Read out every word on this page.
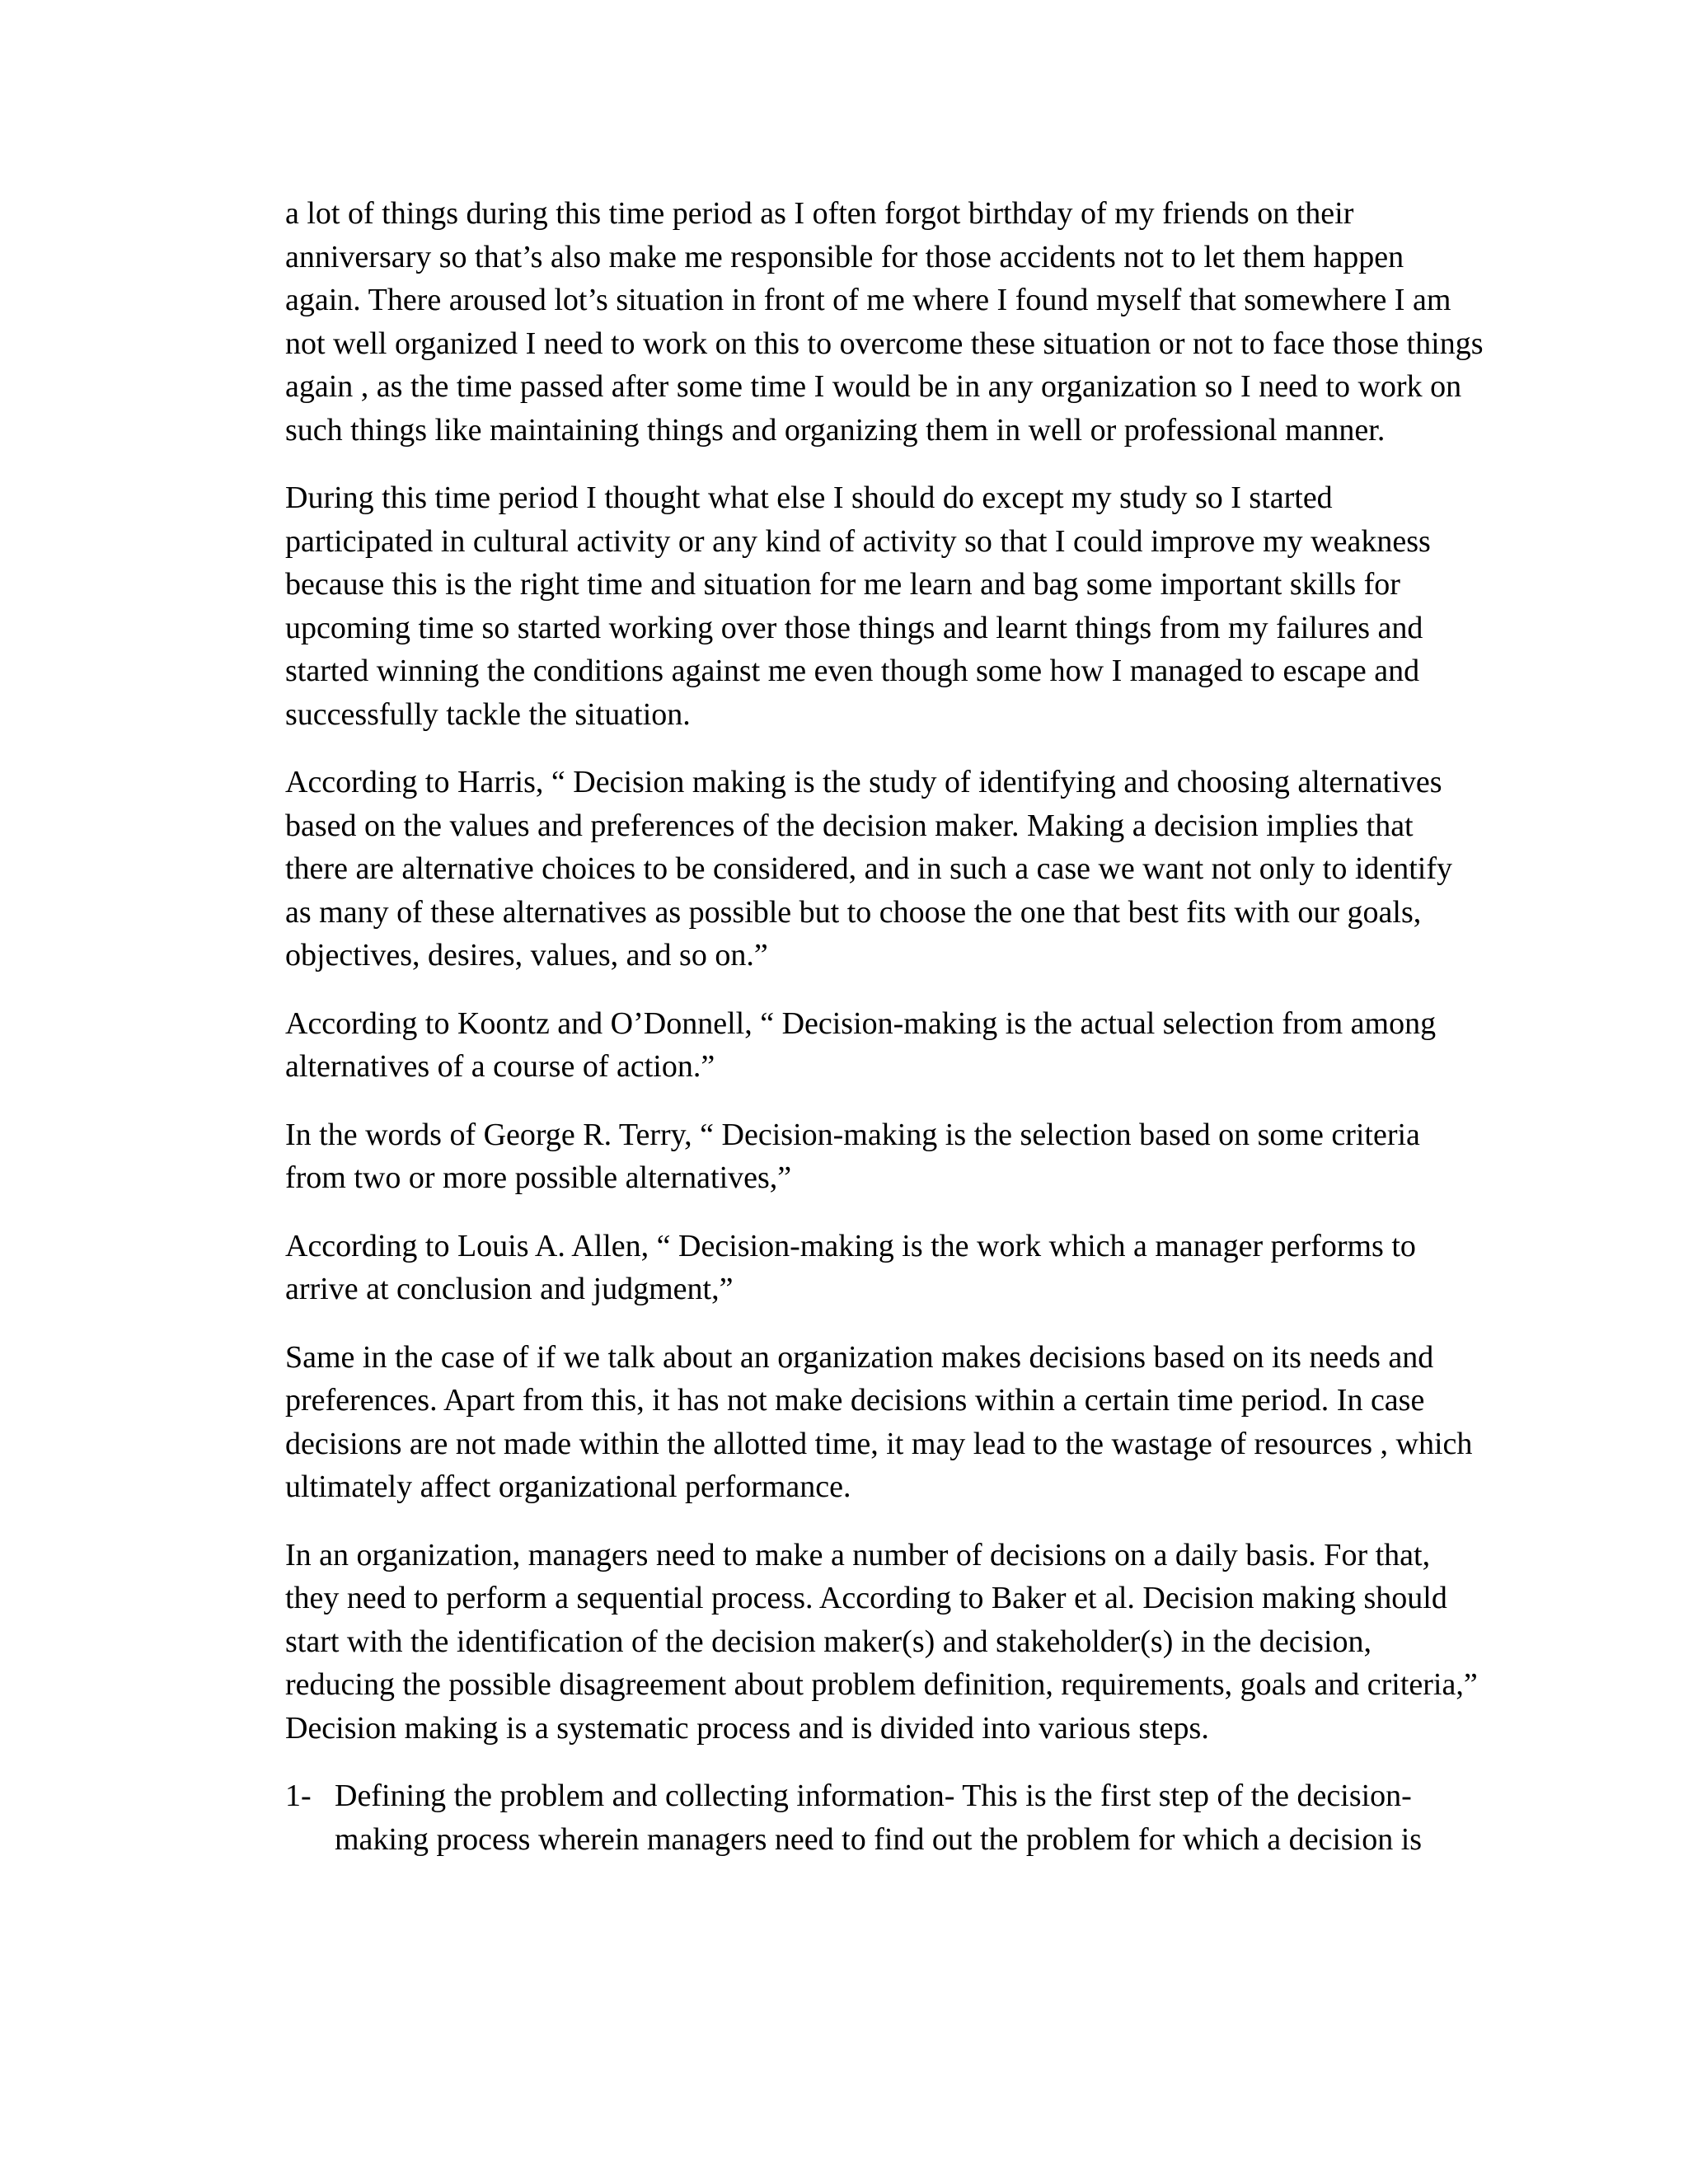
a lot of things during this time period as I often forgot birthday of my friends on their anniversary so that’s also make me responsible for those accidents not to let them happen again. There aroused lot’s situation in front of me where I found myself that somewhere I am not well organized I need to work on this to overcome these situation or not to face those things again , as the time passed after some time I would be in any organization so I need to work on such things like maintaining things and organizing them in well or professional manner.

During this time period I thought what else I should do except my study so I started participated in cultural activity or any kind of activity so that I could improve my weakness because this is the right time and situation for me learn and bag some important skills for upcoming time so started working over those things and learnt things from my failures and started winning the conditions against me even though some how I managed to escape and successfully tackle the situation.

According to Harris, “ Decision making is the study of identifying and choosing alternatives based on the values and preferences of the decision maker. Making a decision implies that there are alternative choices to be considered, and in such a case we want not only to identify as many of these alternatives as possible but to choose the one that best fits with our goals, objectives, desires, values, and so on.”

According to Koontz and O’Donnell, “ Decision-making is the actual selection from among alternatives of a course of action.”

In the words of George R. Terry, “ Decision-making is the selection based on some criteria from two or more possible alternatives,”

According to Louis A. Allen, “ Decision-making is the work which a manager performs to arrive at conclusion and judgment,”

Same in the case of if we talk about an organization makes decisions based on its needs and preferences. Apart from this, it has not make decisions within a certain time period. In case decisions are not made within the allotted time, it may lead to the wastage of resources , which ultimately affect organizational performance.

In an organization, managers need to make a number of decisions on a daily basis. For that, they need to perform a sequential process. According to Baker et al. Decision making should start with the identification of the decision maker(s) and stakeholder(s) in the decision, reducing the possible disagreement about problem definition, requirements, goals and criteria,” Decision making is a systematic process and is divided into various steps.

1- Defining the problem and collecting information- This is the first step of the decision-making process wherein managers need to find out the problem for which a decision is
